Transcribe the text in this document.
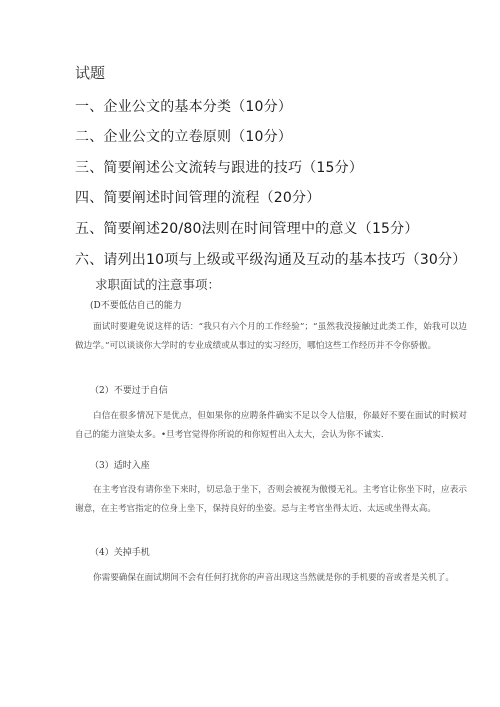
试题
一、企业公文的基本分类（10分）
二、企业公文的立卷原则（10分）
三、简要阐述公文流转与跟进的技巧（15分）
四、简要阐述时间管理的流程（20分）
五、简要阐述20/80法则在时间管理中的意义（15分）
六、请列出10项与上级或平级沟通及互动的基本技巧（30分）
求职面试的注意事项：
(D不要低估自己的能力
面试时要避免说这样的话：“我只有六个月的工作经验”；“虽然我没接触过此类工作，始我可以边做边学。”可以谈谈你大学时的专业成绩或从事过的实习经历，哪怕这些工作经历并不令你骄傲。
（2）不要过于自信
白信在很多情况下是优点，但如果你的应聘条件确实不足以令人信服，你最好不要在面试的时候对自己的能力渲染太多。•旦考官觉得你所说的和你短哲出入太大，会认为你不诚实.
（3）适时入座
在主考官没有请你坐下来时，切忌急于坐下，否则会被视为傲慢无礼。主考官让你坐下时，应表示谢意，在主考官指定的位身上坐下，保持良好的坐姿。忌与主考官坐得太近、太远或坐得太高。
（4）关掉手机
你需要确保在面试期间不会有任何打扰你的声音出现这当然就是你的手机要的音或者是关机了。
